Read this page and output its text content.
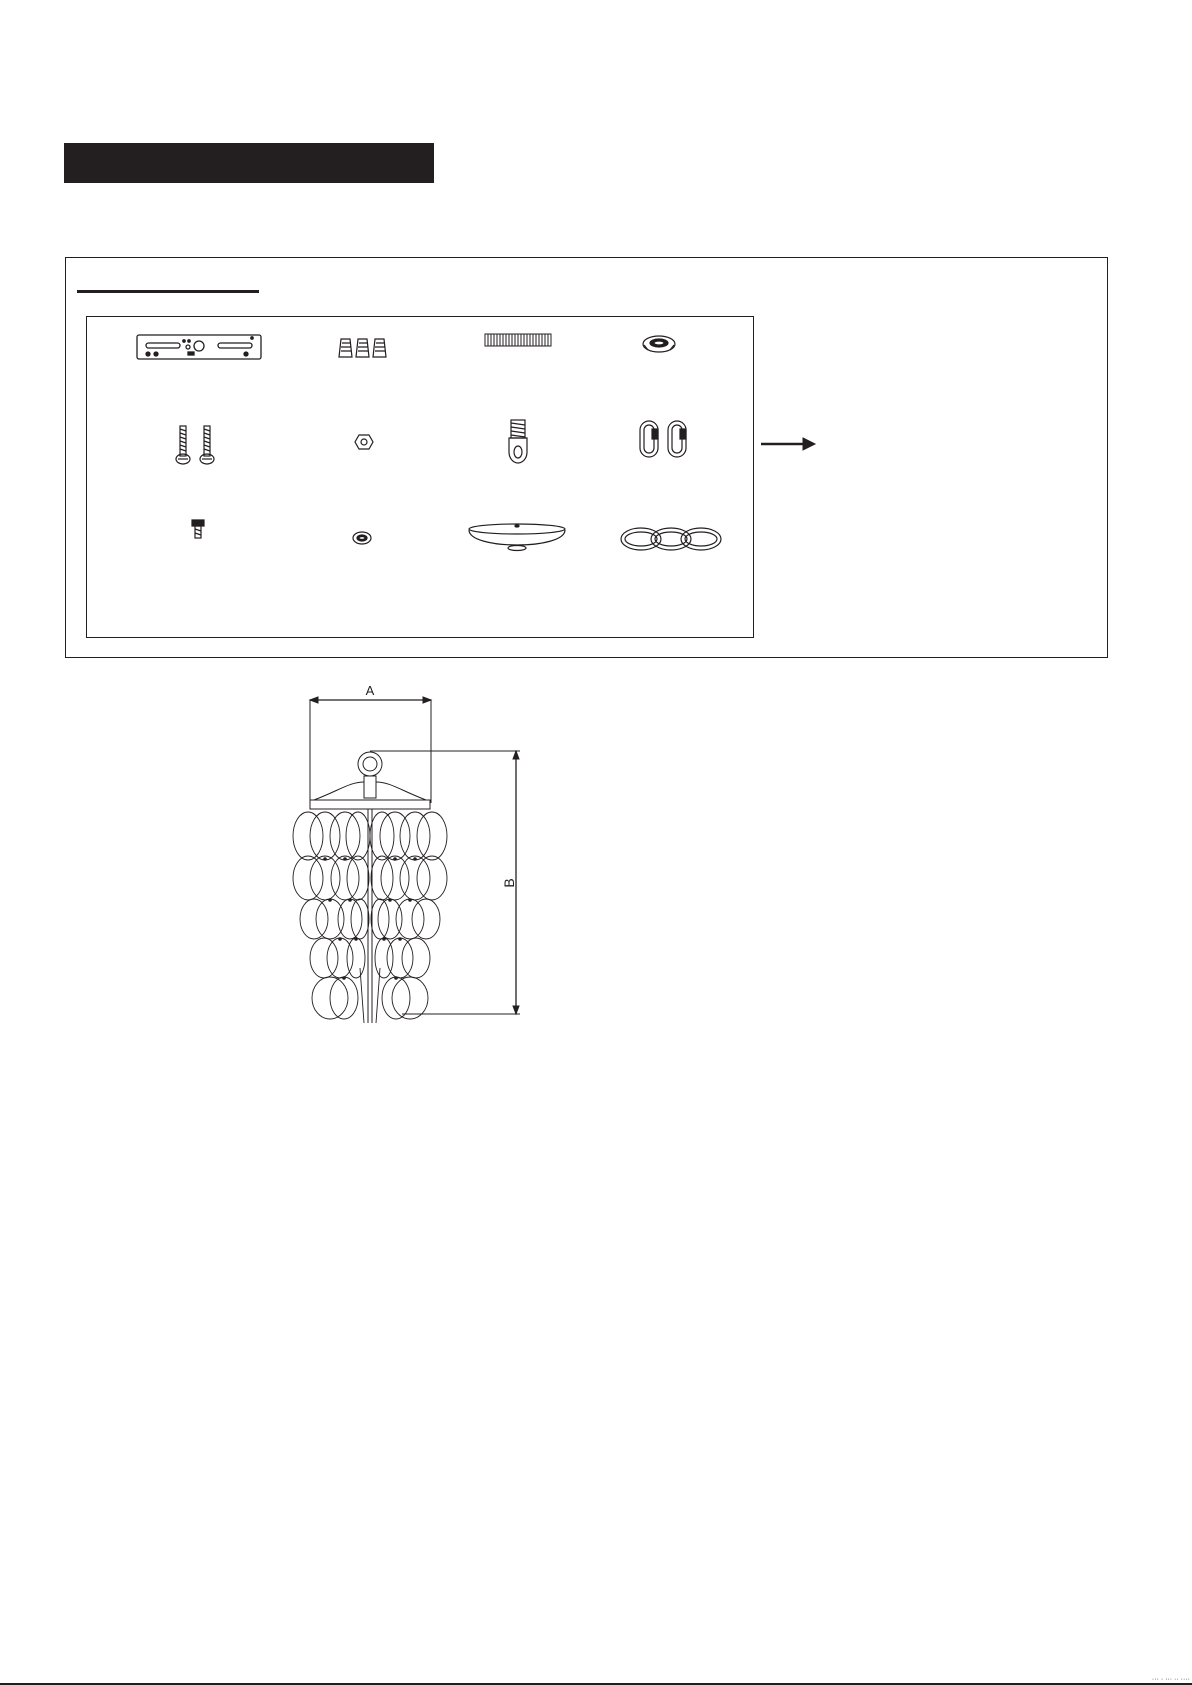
A
B
··· · ··· ·· ····
